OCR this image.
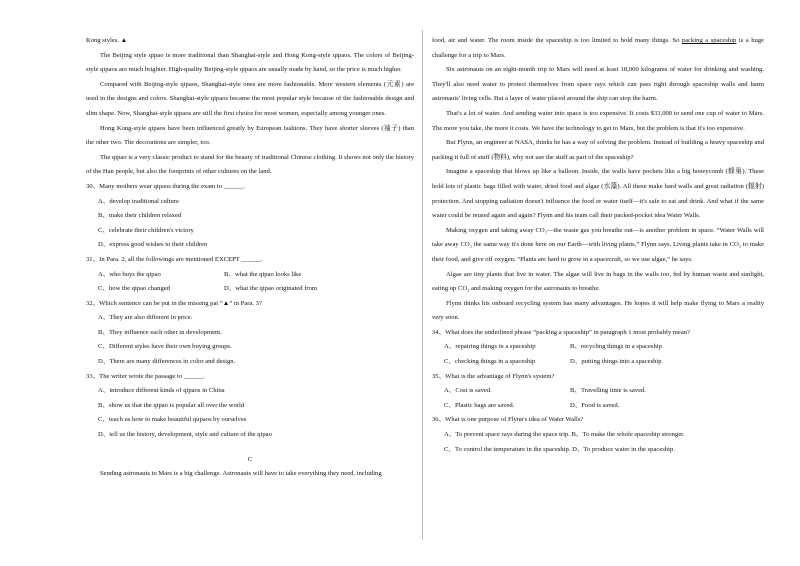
Kong styles. ▲

The Beijing style qipao is more traditional than Shanghai-style and Hong Kong-style qipaos. The colors of Beijing-style qipaos are much brighter. High-quality Beijing-style qipaos are usually made by hand, so the price is much higher.

Compared with Beijing-style qipaos, Shanghai-style ones are more fashionable. More western elements (元素) are used in the designs and colors. Shanghai-style qipaos became the most popular style because of the fashionable design and slim shape. Now, Shanghai-style qipaos are still the first choice for most women, especially among younger ones.

Hong Kong-style qipaos have been influenced greatly by European fashions. They have shorter sleeves (袖子) than the other two. The decorations are simpler, too.

The qipao is a very classic product to stand for the beauty of traditional Chinese clothing. It shows not only the history of the Han people, but also the footprints of other cultures on the land.

30、Many mothers wear qipaos during the exam to ______.

A、develop traditional culture

B、make their children relaxed

C、celebrate their children's victory

D、express good wishes to their children

31、In Para. 2, all the followings are mentioned EXCEPT ______.

A、who buys the qipao	B、what the qipao looks like
C、how the qipao changed	D、what the qipao originated from

32、Which sentence can be put in the missing pat “▲” in Para. 3?

A、They are also different in price.

B、They influence each other in development.

C、Different styles have their own buying groups.

D、There are many differences in color and design.

33、The writer wrote the passage to ______.

A、introduce different kinds of qipaos in China

B、show us that the qipao is popular all over the world

C、teach us how to make beautiful qupaos by ourselves

D、tell us the history, development, style and culture of the qipao

C

Sending astronauts to Mars is a big challenge. Astronauts will have to take everything they need, including

food, air and water. The room inside the spaceship is too limited to hold many things. So packing a spaceship is a huge challenge for a trip to Mars.

Six astronauts on an eight-month trip to Mars will need at least 18,000 kilograms of water for drinking and washing. They'll also need water to protect themselves from space rays which can pass right through spaceship walls and harm astronauts' living cells. But a layer of water placed around the ship can stop the harm.

That's a lot of water. And sending water into space is too expensive. It costs $33,000 to send one cup of water to Mars. The more you take, the more it costs. We have the technology to get to Mars, but the problem is that it's too expensive.

But Flynn, an engineer at NASA, thinks he has a way of solving the problem. Instead of building a heavy spaceship and packing it full of stuff (物料), why not use the stuff as part of the spaceship?

Imagine a spaceship that blows up like a balloon. Inside, the walls have pockets like a big honeycomb (蜂巢). These hold lots of plastic bags filled with water, dried food and algae (水藻). All these make hard walls and great radiation (辐射) protection. And stopping radiation doesn't influence the food or water itself—it's safe to eat and drink. And what if the same water could be reused again and again? Flynn and his team call their packed-pocket idea Water Walls.

Making oxygen and taking away CO₂—the waste gas you breathe out—is another problem in space. “Water Walls will take away CO₂ the same way it's done here on our Earth—with living plants,” Flynn says. Living plants take in CO₂ to make their food, and give off oxygen. “Plants are hard to grow in a spacecraft, so we use algae,” he says.

Algae are tiny plants that live in water. The algae will live in bags in the walls too, fed by human waste and sunlight, eating up CO₂ and making oxygen for the astronauts to breathe.

Flynn thinks his onboard recycling system has many advantages. He hopes it will help make flying to Mars a reality very soon.

34、What does the underlined phrase “packing a spaceship” in paragraph 1 most probably mean?

A、repairing things in a spaceship	B、recycling things in a spaceship
C、checking things in a spaceship	D、putting things into a spaceship

35、What is the advantage of Flynn's system?

A、Cost is saved.	B、Travelling time is saved.
C、Plastic bags are saved.	D、Food is saved.

36、What is one purpose of Flynn's idea of Water Walls?

A、To prevent space rays during the space trip. B、To make the whole spaceship stronger.

C、To control the temperature in the spaceship. D、To produce water in the spaceship.
